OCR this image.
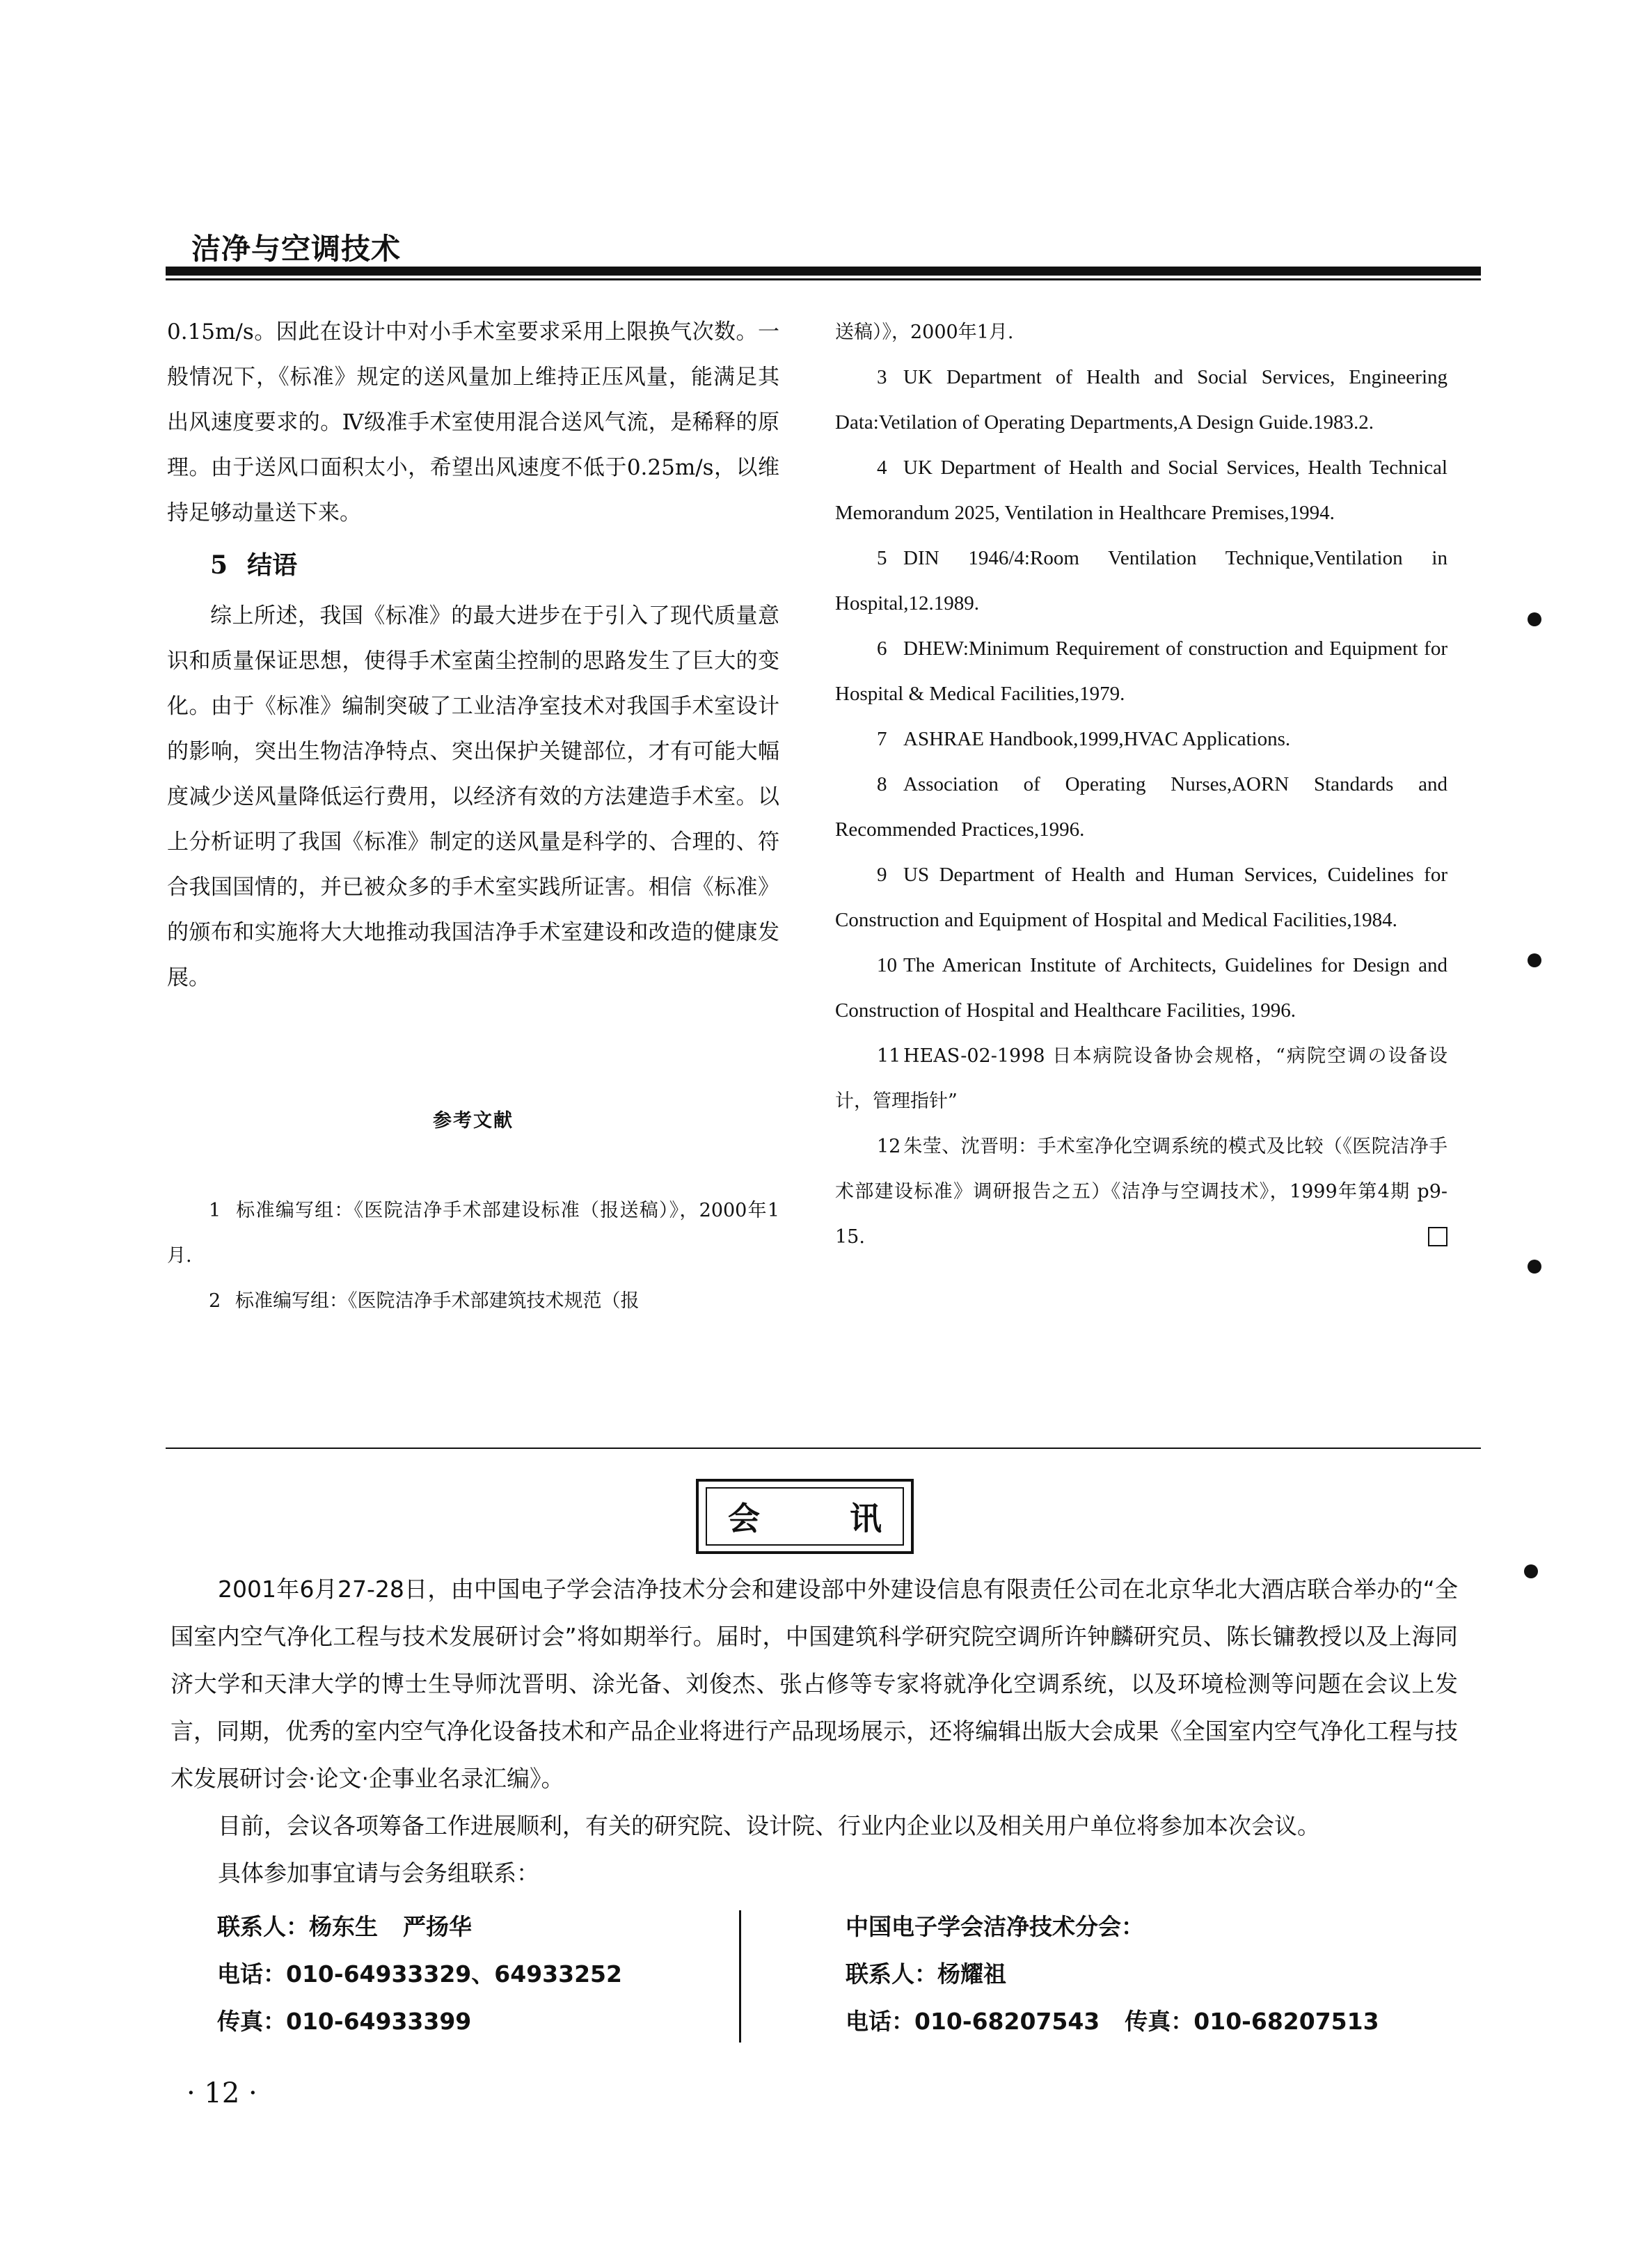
洁净与空调技术

0.15m/s。因此在设计中对小手术室要求采用上限换气次数。一般情况下，《标准》规定的送风量加上维持正压风量，能满足其出风速度要求的。Ⅳ级准手术室使用混合送风气流，是稀释的原理。由于送风口面积太小，希望出风速度不低于0.25m/s，以维持足够动量送下来。

5 结语

综上所述，我国《标准》的最大进步在于引入了现代质量意识和质量保证思想，使得手术室菌尘控制的思路发生了巨大的变化。由于《标准》编制突破了工业洁净室技术对我国手术室设计的影响，突出生物洁净特点、突出保护关键部位，才有可能大幅度减少送风量降低运行费用，以经济有效的方法建造手术室。以上分析证明了我国《标准》制定的送风量是科学的、合理的、符合我国国情的，并已被众多的手术室实践所证害。相信《标准》的颁布和实施将大大地推动我国洁净手术室建设和改造的健康发展。

参考文献

1 标准编写组：《医院洁净手术部建设标准（报送稿）》，2000年1月.

2 标准编写组：《医院洁净手术部建筑技术规范（报

送稿）》，2000年1月.

3 UK Department of Health and Social Services, Engineering Data:Vetilation of Operating Departments,A Design Guide.1983.2.

4 UK Department of Health and Social Services, Health Technical Memorandum 2025, Ventilation in Healthcare Premises,1994.

5 DIN 1946/4:Room Ventilation Technique,Ventilation in Hospital,12.1989.

6 DHEW:Minimum Requirement of construction and Equipment for Hospital & Medical Facilities,1979.

7 ASHRAE Handbook,1999,HVAC Applications.

8 Association of Operating Nurses,AORN Standards and Recommended Practices,1996.

9 US Department of Health and Human Services, Cuidelines for Construction and Equipment of Hospital and Medical Facilities,1984.

10 The American Institute of Architects, Guidelines for Design and Construction of Hospital and Healthcare Facilities, 1996.

11 HEAS-02-1998 日本病院设备协会规格，“病院空调の设备设计，管理指针”

12 朱莹、沈晋明：手术室净化空调系统的模式及比较（《医院洁净手术部建设标准》调研报告之五）《洁净与空调技术》，1999年第4期 p9-15.

会	讯

2001年6月27-28日，由中国电子学会洁净技术分会和建设部中外建设信息有限责任公司在北京华北大酒店联合举办的“全国室内空气净化工程与技术发展研讨会”将如期举行。届时，中国建筑科学研究院空调所许钟麟研究员、陈长镛教授以及上海同济大学和天津大学的博士生导师沈晋明、涂光备、刘俊杰、张占修等专家将就净化空调系统，以及环境检测等问题在会议上发言，同期，优秀的室内空气净化设备技术和产品企业将进行产品现场展示，还将编辑出版大会成果《全国室内空气净化工程与技术发展研讨会·论文·企事业名录汇编》。

目前，会议各项筹备工作进展顺利，有关的研究院、设计院、行业内企业以及相关用户单位将参加本次会议。

具体参加事宜请与会务组联系：

联系人：杨东生 严扬华
电话：010-64933329、64933252
传真：010-64933399
中国电子学会洁净技术分会：
联系人：杨耀祖
电话：010-68207543 传真：010-68207513
· 12 ·
